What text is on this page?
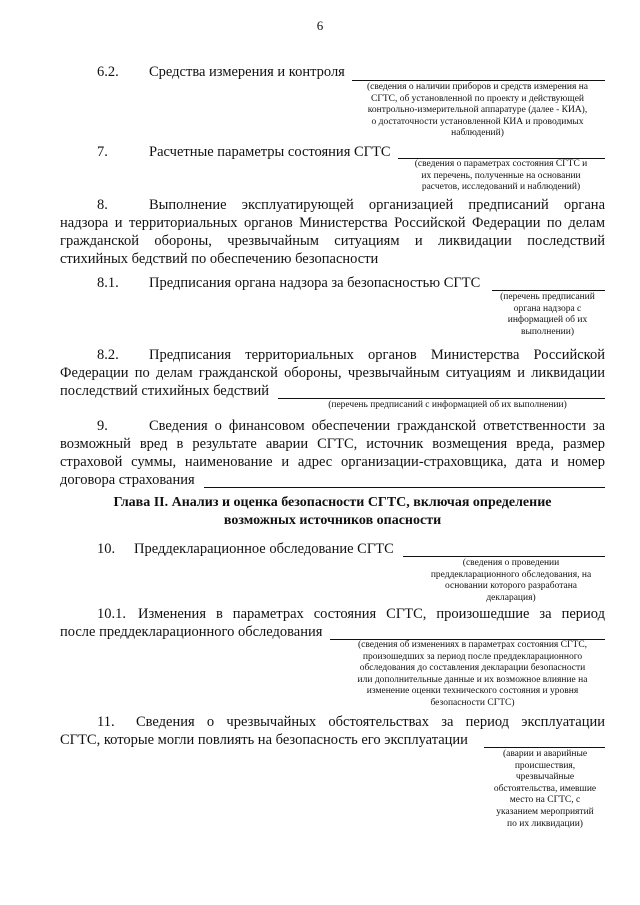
6
6.2. Средства измерения и контроля
(сведения о наличии приборов и средств измерения на
СГТС, об установленной по проекту и действующей
контрольно-измерительной аппаратуре (далее - КИА),
о достаточности установленной КИА и проводимых
наблюдений)
7.	Расчетные параметры состояния СГТС
(сведения о параметрах состояния СГТС и
их перечень, полученные на основании
расчетов, исследований и наблюдений)
8.	Выполнение эксплуатирующей организацией предписаний органа
надзора и территориальных органов Министерства Российской Федерации по делам
гражданской обороны, чрезвычайным ситуациям и ликвидации последствий
стихийных бедствий по обеспечению безопасности
8.1. Предписания органа надзора за безопасностью СГТС
(перечень предписаний
органа надзора с
информацией об их
выполнении)
8.2. Предписания территориальных органов Министерства Российской
Федерации по делам гражданской обороны, чрезвычайным ситуациям и ликвидации
последствий стихийных бедствий
(перечень предписаний с информацией об их выполнении)
9.	Сведения о финансовом обеспечении гражданской ответственности за
возможный вред в результате аварии СГТС, источник возмещения вреда, размер
страховой суммы, наименование и адрес организации-страховщика, дата и номер
договора страхования
Глава II. Анализ и оценка безопасности СГТС, включая определение
возможных источников опасности
10. Преддекларационное обследование СГТС
(сведения о проведении
преддекларационного обследования, на
основании которого разработана
декларация)
10.1. Изменения в параметрах состояния СГТС, произошедшие за период
после преддекларационного обследования
(сведения об изменениях в параметрах состояния СГТС,
произошедших за период после преддекларационного
обследования до составления декларации безопасности
или дополнительные данные и их возможное влияние на
изменение оценки технического состояния и уровня
безопасности СГТС)
11. Сведения о чрезвычайных обстоятельствах за период эксплуатации
СГТС, которые могли повлиять на безопасность его эксплуатации
(аварии и аварийные
происшествия,
чрезвычайные
обстоятельства, имевшие
место на СГТС, с
указанием мероприятий
по их ликвидации)
